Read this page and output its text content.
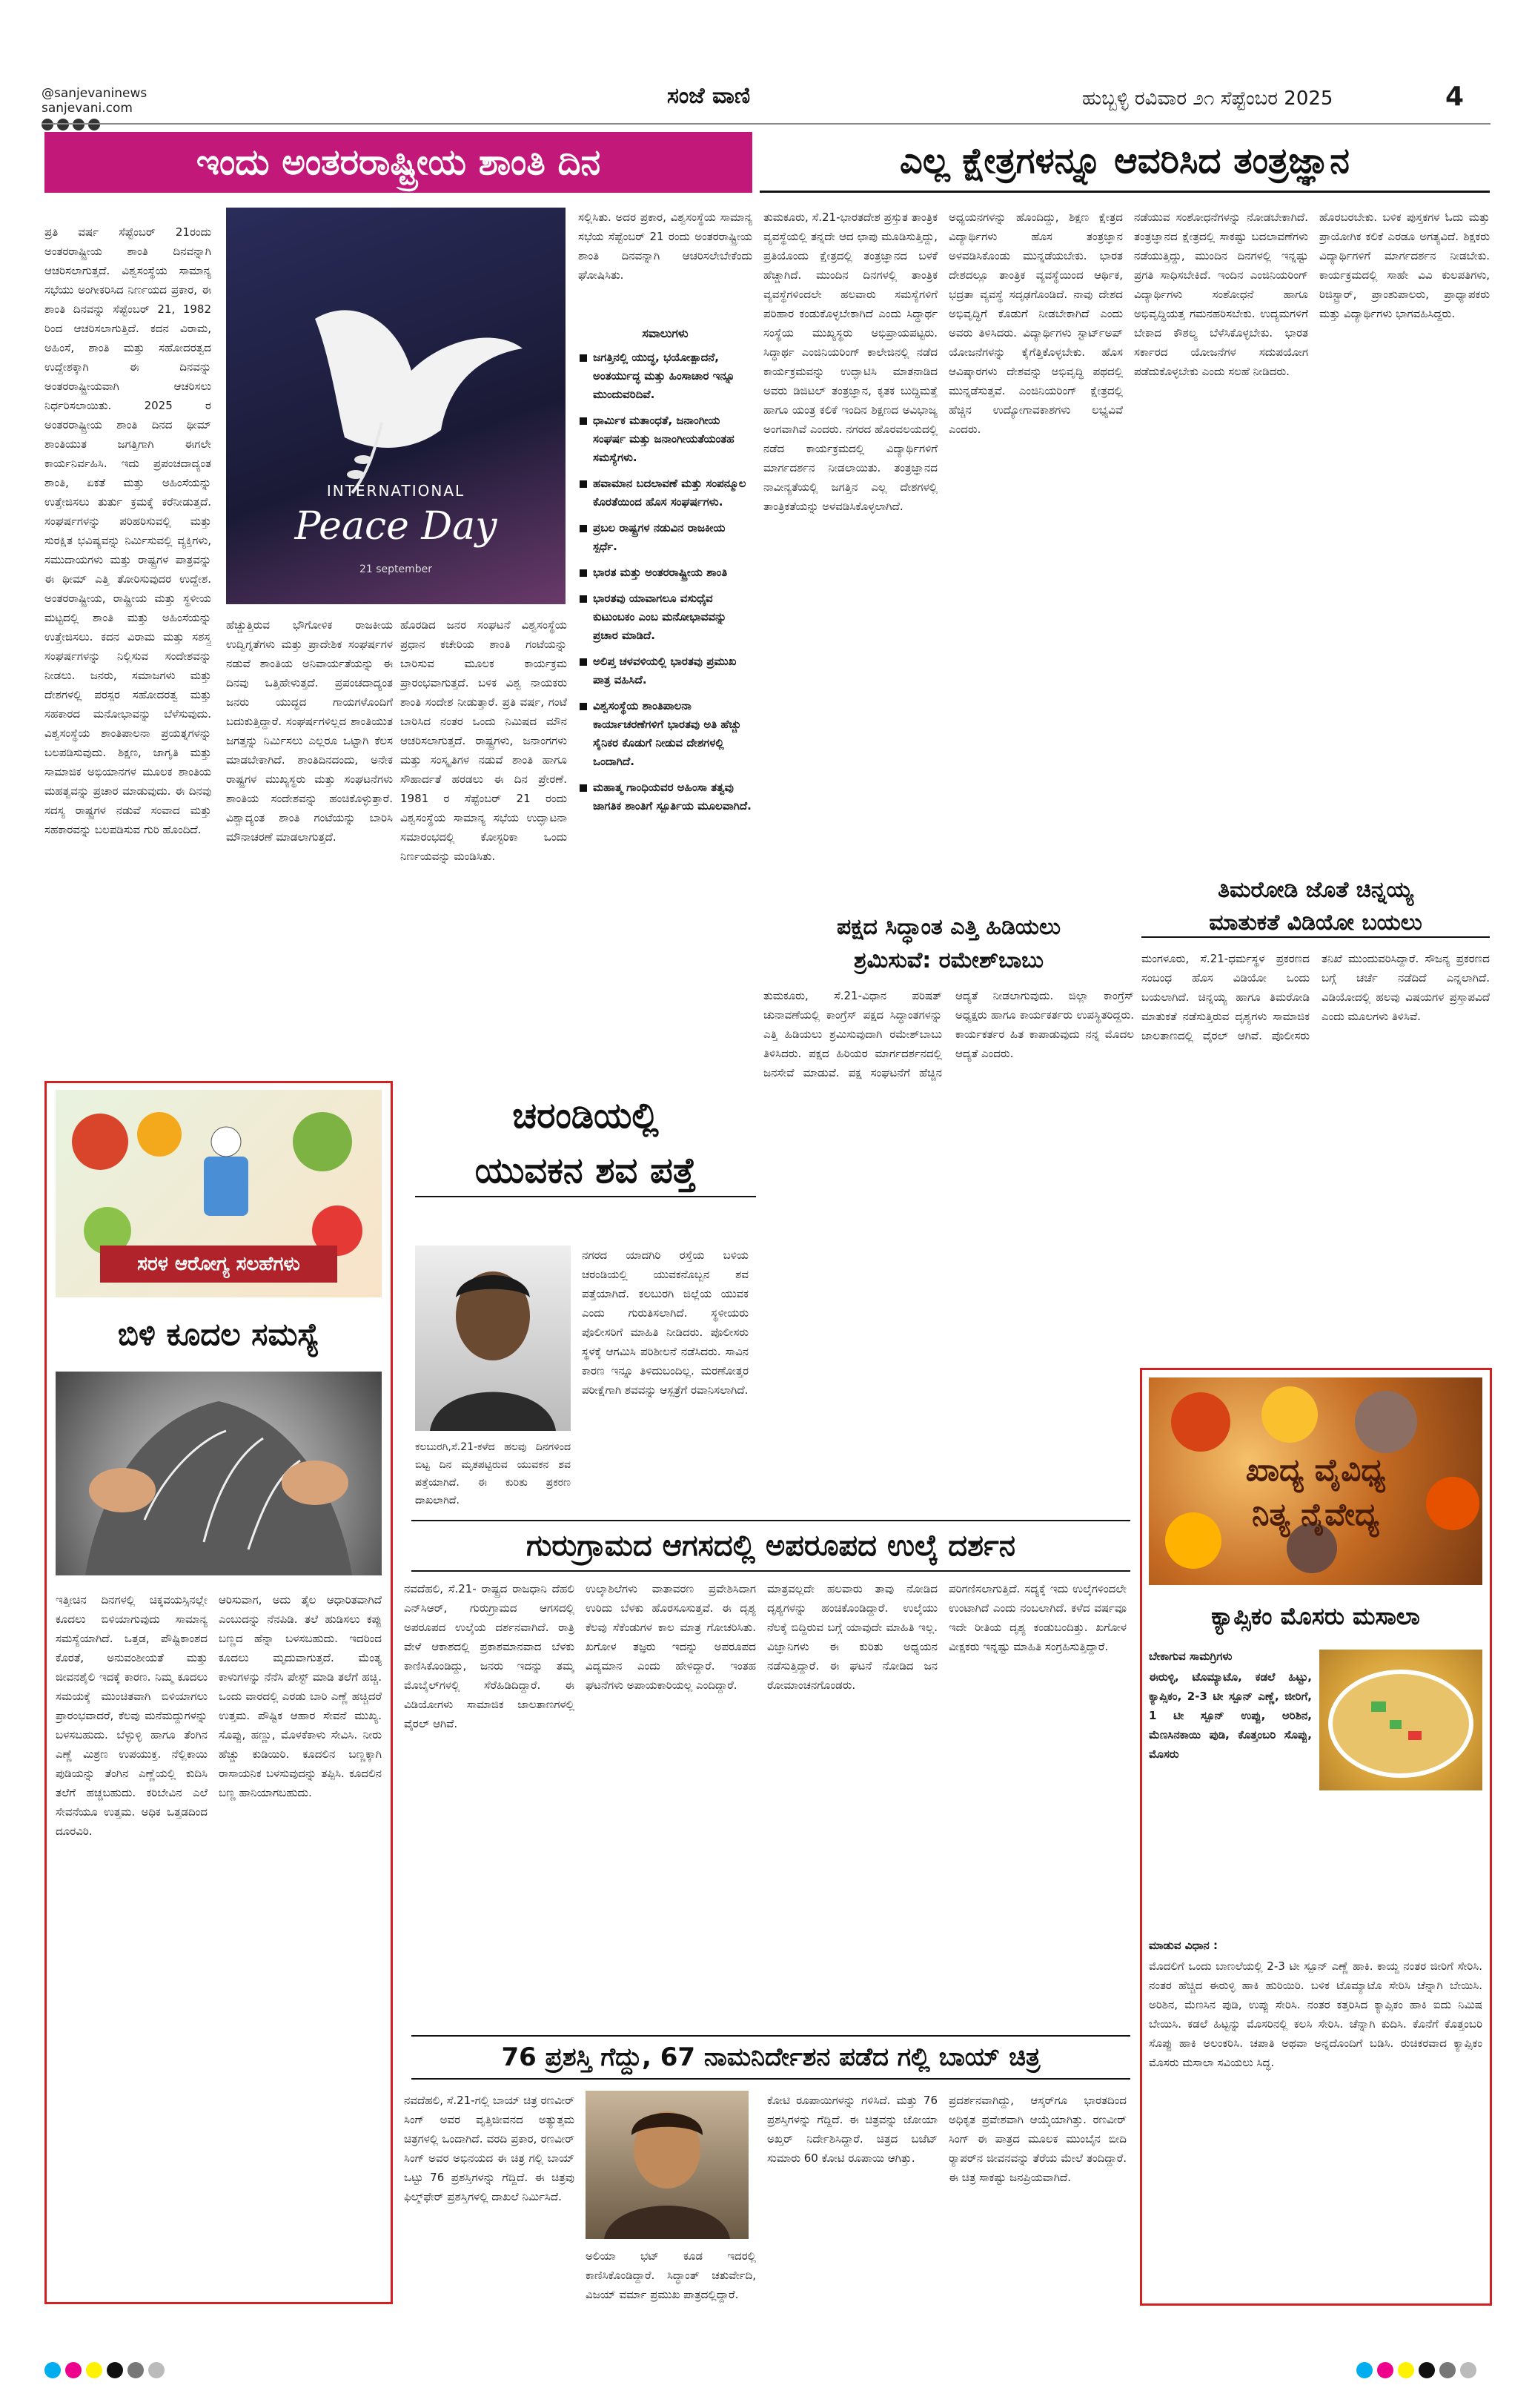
@sanjevaninews
sanjevani.com	ಸಂಜೆ ವಾಣಿ	ಹುಬ್ಬಳ್ಳಿ ರವಿವಾರ ೨೧ ಸೆಪ್ಟೆಂಬರ 2025	4
ಇಂದು ಅಂತರರಾಷ್ಟ್ರೀಯ ಶಾಂತಿ ದಿನ
ಪ್ರತಿ ವರ್ಷ ಸೆಪ್ಟೆಂಬರ್ 21ರಂದು ಅಂತರರಾಷ್ಟ್ರೀಯ ಶಾಂತಿ ದಿನವನ್ನಾಗಿ ಆಚರಿಸಲಾಗುತ್ತದೆ. ವಿಶ್ವಸಂಸ್ಥೆಯ ಸಾಮಾನ್ಯ ಸಭೆಯು ಅಂಗೀಕರಿಸಿದ ನಿರ್ಣಯದ ಪ್ರಕಾರ, ಈ ಶಾಂತಿ ದಿನವನ್ನು ಸೆಪ್ಟೆಂಬರ್ 21, 1982 ರಿಂದ ಆಚರಿಸಲಾಗುತ್ತಿದೆ. ಕದನ ವಿರಾಮ, ಅಹಿಂಸೆ, ಶಾಂತಿ ಮತ್ತು ಸಹೋದರತ್ವದ ಉದ್ದೇಶಕ್ಕಾಗಿ ಈ ದಿನವನ್ನು ಅಂತರರಾಷ್ಟ್ರೀಯವಾಗಿ ಆಚರಿಸಲು ನಿರ್ಧರಿಸಲಾಯಿತು. 2025 ರ ಅಂತರರಾಷ್ಟ್ರೀಯ ಶಾಂತಿ ದಿನದ ಥೀಮ್ ಶಾಂತಿಯುತ ಜಗತ್ತಿಗಾಗಿ ಈಗಲೇ ಕಾರ್ಯನಿರ್ವಹಿಸಿ. ಇದು ಪ್ರಪಂಚದಾದ್ಯಂತ ಶಾಂತಿ, ಏಕತೆ ಮತ್ತು ಅಹಿಂಸೆಯನ್ನು ಉತ್ತೇಜಿಸಲು ತುರ್ತು ಕ್ರಮಕ್ಕೆ ಕರೆನೀಡುತ್ತದೆ. ಸಂಘರ್ಷಗಳನ್ನು ಪರಿಹರಿಸುವಲ್ಲಿ ಮತ್ತು ಸುರಕ್ಷಿತ ಭವಿಷ್ಯವನ್ನು ನಿರ್ಮಿಸುವಲ್ಲಿ ವ್ಯಕ್ತಿಗಳು, ಸಮುದಾಯಗಳು ಮತ್ತು ರಾಷ್ಟ್ರಗಳ ಪಾತ್ರವನ್ನು ಈ ಥೀಮ್ ಎತ್ತಿ ತೋರಿಸುವುದರ ಉದ್ದೇಶ. ಅಂತರರಾಷ್ಟ್ರೀಯ, ರಾಷ್ಟ್ರೀಯ ಮತ್ತು ಸ್ಥಳೀಯ ಮಟ್ಟದಲ್ಲಿ ಶಾಂತಿ ಮತ್ತು ಅಹಿಂಸೆಯನ್ನು ಉತ್ತೇಜಿಸಲು. ಕದನ ವಿರಾಮ ಮತ್ತು ಸಶಸ್ತ್ರ ಸಂಘರ್ಷಗಳನ್ನು ನಿಲ್ಲಿಸುವ ಸಂದೇಶವನ್ನು ನೀಡಲು. ಜನರು, ಸಮಾಜಗಳು ಮತ್ತು ದೇಶಗಳಲ್ಲಿ ಪರಸ್ಪರ ಸಹೋದರತ್ವ ಮತ್ತು ಸಹಕಾರದ ಮನೋಭಾವನ್ನು ಬೆಳೆಸುವುದು. ವಿಶ್ವಸಂಸ್ಥೆಯ ಶಾಂತಿಪಾಲನಾ ಪ್ರಯತ್ನಗಳನ್ನು ಬಲಪಡಿಸುವುದು. ಶಿಕ್ಷಣ, ಜಾಗೃತಿ ಮತ್ತು ಸಾಮಾಜಿಕ ಅಭಿಯಾನಗಳ ಮೂಲಕ ಶಾಂತಿಯ ಮಹತ್ವವನ್ನು ಪ್ರಚಾರ ಮಾಡುವುದು. ಈ ದಿನವು ಸದಸ್ಯ ರಾಷ್ಟ್ರಗಳ ನಡುವೆ ಸಂವಾದ ಮತ್ತು ಸಹಕಾರವನ್ನು ಬಲಪಡಿಸುವ ಗುರಿ ಹೊಂದಿದೆ.
INTERNATIONAL
Peace Day
21 september
ಹೆಚ್ಚುತ್ತಿರುವ ಭೌಗೋಳಿಕ ರಾಜಕೀಯ ಉದ್ವಿಗ್ನತೆಗಳು ಮತ್ತು ಪ್ರಾದೇಶಿಕ ಸಂಘರ್ಷಗಳ ನಡುವೆ ಶಾಂತಿಯ ಅನಿವಾರ್ಯತೆಯನ್ನು ಈ ದಿನವು ಒತ್ತಿಹೇಳುತ್ತದೆ. ಪ್ರಪಂಚದಾದ್ಯಂತ ಜನರು ಯುದ್ಧದ ಗಾಯಗಳೊಂದಿಗೆ ಬದುಕುತ್ತಿದ್ದಾರೆ. ಸಂಘರ್ಷಗಳಿಲ್ಲದ ಶಾಂತಿಯುತ ಜಗತ್ತನ್ನು ನಿರ್ಮಿಸಲು ಎಲ್ಲರೂ ಒಟ್ಟಾಗಿ ಕೆಲಸ ಮಾಡಬೇಕಾಗಿದೆ. ಶಾಂತಿದಿನದಂದು, ಅನೇಕ ರಾಷ್ಟ್ರಗಳ ಮುಖ್ಯಸ್ಥರು ಮತ್ತು ಸಂಘಟನೆಗಳು ಶಾಂತಿಯ ಸಂದೇಶವನ್ನು ಹಂಚಿಕೊಳ್ಳುತ್ತಾರೆ. ವಿಶ್ವಾದ್ಯಂತ ಶಾಂತಿ ಗಂಟೆಯನ್ನು ಬಾರಿಸಿ ಮೌನಾಚರಣೆ ಮಾಡಲಾಗುತ್ತದೆ.
ಹೊರಡಿದ ಜನರ ಸಂಘಟನೆ ವಿಶ್ವಸಂಸ್ಥೆಯ ಪ್ರಧಾನ ಕಚೇರಿಯ ಶಾಂತಿ ಗಂಟೆಯನ್ನು ಬಾರಿಸುವ ಮೂಲಕ ಕಾರ್ಯಕ್ರಮ ಪ್ರಾರಂಭವಾಗುತ್ತದೆ. ಬಳಿಕ ವಿಶ್ವ ನಾಯಕರು ಶಾಂತಿ ಸಂದೇಶ ನೀಡುತ್ತಾರೆ. ಪ್ರತಿ ವರ್ಷ, ಗಂಟೆ ಬಾರಿಸಿದ ನಂತರ ಒಂದು ನಿಮಿಷದ ಮೌನ ಆಚರಿಸಲಾಗುತ್ತದೆ. ರಾಷ್ಟ್ರಗಳು, ಜನಾಂಗಗಳು ಮತ್ತು ಸಂಸ್ಕೃತಿಗಳ ನಡುವೆ ಶಾಂತಿ ಹಾಗೂ ಸೌಹಾರ್ದತೆ ಹರಡಲು ಈ ದಿನ ಪ್ರೇರಣೆ. 1981 ರ ಸೆಪ್ಟೆಂಬರ್ 21 ರಂದು ವಿಶ್ವಸಂಸ್ಥೆಯ ಸಾಮಾನ್ಯ ಸಭೆಯ ಉದ್ಘಾಟನಾ ಸಮಾರಂಭದಲ್ಲಿ ಕೋಸ್ಟರಿಕಾ ಒಂದು ನಿರ್ಣಯವನ್ನು ಮಂಡಿಸಿತು.
ಸಲ್ಲಿಸಿತು. ಅದರ ಪ್ರಕಾರ, ವಿಶ್ವಸಂಸ್ಥೆಯ ಸಾಮಾನ್ಯ ಸಭೆಯ ಸೆಪ್ಟೆಂಬರ್ 21 ರಂದು ಅಂತರರಾಷ್ಟ್ರೀಯ ಶಾಂತಿ ದಿನವನ್ನಾಗಿ ಆಚರಿಸಲೇಬೇಕೆಂದು ಘೋಷಿಸಿತು.
ಸವಾಲುಗಳು
ಜಗತ್ತಿನಲ್ಲಿ ಯುದ್ಧ, ಭಯೋತ್ಪಾದನೆ, ಅಂತರ್ಯುದ್ಧ ಮತ್ತು ಹಿಂಸಾಚಾರ ಇನ್ನೂ ಮುಂದುವರಿದಿವೆ.
ಧಾರ್ಮಿಕ ಮತಾಂಧತೆ, ಜನಾಂಗೀಯ ಸಂಘರ್ಷ ಮತ್ತು ಜನಾಂಗೀಯತೆಯಂತಹ ಸಮಸ್ಯೆಗಳು.
ಹವಾಮಾನ ಬದಲಾವಣೆ ಮತ್ತು ಸಂಪನ್ಮೂಲ ಕೊರತೆಯಿಂದ ಹೊಸ ಸಂಘರ್ಷಗಳು.
ಪ್ರಬಲ ರಾಷ್ಟ್ರಗಳ ನಡುವಿನ ರಾಜಕೀಯ ಸ್ಪರ್ಧೆ.
ಭಾರತ ಮತ್ತು ಅಂತರರಾಷ್ಟ್ರೀಯ ಶಾಂತಿ
ಭಾರತವು ಯಾವಾಗಲೂ ವಸುಧೈವ ಕುಟುಂಬಕಂ ಎಂಬ ಮನೋಭಾವವನ್ನು ಪ್ರಚಾರ ಮಾಡಿದೆ.
ಅಲಿಪ್ತ ಚಳವಳಿಯಲ್ಲಿ ಭಾರತವು ಪ್ರಮುಖ ಪಾತ್ರ ವಹಿಸಿದೆ.
ವಿಶ್ವಸಂಸ್ಥೆಯ ಶಾಂತಿಪಾಲನಾ ಕಾರ್ಯಾಚರಣೆಗಳಿಗೆ ಭಾರತವು ಅತಿ ಹೆಚ್ಚು ಸೈನಿಕರ ಕೊಡುಗೆ ನೀಡುವ ದೇಶಗಳಲ್ಲಿ ಒಂದಾಗಿದೆ.
ಮಹಾತ್ಮ ಗಾಂಧಿಯವರ ಅಹಿಂಸಾ ತತ್ವವು ಜಾಗತಿಕ ಶಾಂತಿಗೆ ಸ್ಪೂರ್ತಿಯ ಮೂಲವಾಗಿದೆ.
ಎಲ್ಲ ಕ್ಷೇತ್ರಗಳನ್ನೂ ಆವರಿಸಿದ ತಂತ್ರಜ್ಞಾನ
ತುಮಕೂರು, ಸೆ.21-ಭಾರತದೇಶ ಪ್ರಸ್ತುತ ತಾಂತ್ರಿಕ ವ್ಯವಸ್ಥೆಯಲ್ಲಿ ತನ್ನದೇ ಆದ ಛಾಪು ಮೂಡಿಸುತ್ತಿದ್ದು, ಪ್ರತಿಯೊಂದು ಕ್ಷೇತ್ರದಲ್ಲಿ ತಂತ್ರಜ್ಞಾನದ ಬಳಕೆ ಹೆಚ್ಚಾಗಿದೆ. ಮುಂದಿನ ದಿನಗಳಲ್ಲಿ ತಾಂತ್ರಿಕ ವ್ಯವಸ್ಥೆಗಳಿಂದಲೇ ಹಲವಾರು ಸಮಸ್ಯೆಗಳಿಗೆ ಪರಿಹಾರ ಕಂಡುಕೊಳ್ಳಬೇಕಾಗಿದೆ ಎಂದು ಸಿದ್ಧಾರ್ಥ ಸಂಸ್ಥೆಯ ಮುಖ್ಯಸ್ಥರು ಅಭಿಪ್ರಾಯಪಟ್ಟರು. ಸಿದ್ಧಾರ್ಥ ಎಂಜಿನಿಯರಿಂಗ್ ಕಾಲೇಜಿನಲ್ಲಿ ನಡೆದ ಕಾರ್ಯಕ್ರಮವನ್ನು ಉದ್ಘಾಟಿಸಿ ಮಾತನಾಡಿದ ಅವರು ಡಿಜಿಟಲ್ ತಂತ್ರಜ್ಞಾನ, ಕೃತಕ ಬುದ್ಧಿಮತ್ತೆ ಹಾಗೂ ಯಂತ್ರ ಕಲಿಕೆ ಇಂದಿನ ಶಿಕ್ಷಣದ ಅವಿಭಾಜ್ಯ ಅಂಗವಾಗಿವೆ ಎಂದರು. ನಗರದ ಹೊರವಲಯದಲ್ಲಿ ನಡೆದ ಕಾರ್ಯಕ್ರಮದಲ್ಲಿ ವಿದ್ಯಾರ್ಥಿಗಳಿಗೆ ಮಾರ್ಗದರ್ಶನ ನೀಡಲಾಯಿತು. ತಂತ್ರಜ್ಞಾನದ ನಾವೀನ್ಯತೆಯಲ್ಲಿ ಜಗತ್ತಿನ ಎಲ್ಲ ದೇಶಗಳಲ್ಲಿ ತಾಂತ್ರಿಕತೆಯನ್ನು ಅಳವಡಿಸಿಕೊಳ್ಳಲಾಗಿದೆ.
ಅಧ್ಯಯನಗಳನ್ನು ಹೊಂದಿದ್ದು, ಶಿಕ್ಷಣ ಕ್ಷೇತ್ರದ ವಿದ್ಯಾರ್ಥಿಗಳು ಹೊಸ ತಂತ್ರಜ್ಞಾನ ಅಳವಡಿಸಿಕೊಂಡು ಮುನ್ನಡೆಯಬೇಕು. ಭಾರತ ದೇಶದಲ್ಲೂ ತಾಂತ್ರಿಕ ವ್ಯವಸ್ಥೆಯಿಂದ ಆರ್ಥಿಕ, ಭದ್ರತಾ ವ್ಯವಸ್ಥೆ ಸದೃಢಗೊಂಡಿದೆ. ನಾವು ದೇಶದ ಅಭಿವೃದ್ಧಿಗೆ ಕೊಡುಗೆ ನೀಡಬೇಕಾಗಿದೆ ಎಂದು ಅವರು ತಿಳಿಸಿದರು. ವಿದ್ಯಾರ್ಥಿಗಳು ಸ್ಟಾರ್ಟ್ಅಪ್ ಯೋಜನೆಗಳನ್ನು ಕೈಗೆತ್ತಿಕೊಳ್ಳಬೇಕು. ಹೊಸ ಆವಿಷ್ಕಾರಗಳು ದೇಶವನ್ನು ಅಭಿವೃದ್ಧಿ ಪಥದಲ್ಲಿ ಮುನ್ನಡೆಸುತ್ತವೆ. ಎಂಜಿನಿಯರಿಂಗ್ ಕ್ಷೇತ್ರದಲ್ಲಿ ಹೆಚ್ಚಿನ ಉದ್ಯೋಗಾವಕಾಶಗಳು ಲಭ್ಯವಿವೆ ಎಂದರು.
ನಡೆಯುವ ಸಂಶೋಧನೆಗಳನ್ನು ನೋಡಬೇಕಾಗಿದೆ. ತಂತ್ರಜ್ಞಾನದ ಕ್ಷೇತ್ರದಲ್ಲಿ ಸಾಕಷ್ಟು ಬದಲಾವಣೆಗಳು ನಡೆಯುತ್ತಿದ್ದು, ಮುಂದಿನ ದಿನಗಳಲ್ಲಿ ಇನ್ನಷ್ಟು ಪ್ರಗತಿ ಸಾಧಿಸಬೇಕಿದೆ. ಇಂದಿನ ಎಂಜಿನಿಯರಿಂಗ್ ವಿದ್ಯಾರ್ಥಿಗಳು ಸಂಶೋಧನೆ ಹಾಗೂ ಅಭಿವೃದ್ಧಿಯತ್ತ ಗಮನಹರಿಸಬೇಕು. ಉದ್ಯಮಗಳಿಗೆ ಬೇಕಾದ ಕೌಶಲ್ಯ ಬೆಳೆಸಿಕೊಳ್ಳಬೇಕು. ಭಾರತ ಸರ್ಕಾರದ ಯೋಜನೆಗಳ ಸದುಪಯೋಗ ಪಡೆದುಕೊಳ್ಳಬೇಕು ಎಂದು ಸಲಹೆ ನೀಡಿದರು.
ಹೊರಬರಬೇಕು. ಬಳಿಕ ಪುಸ್ತಕಗಳ ಓದು ಮತ್ತು ಪ್ರಾಯೋಗಿಕ ಕಲಿಕೆ ಎರಡೂ ಅಗತ್ಯವಿದೆ. ಶಿಕ್ಷಕರು ವಿದ್ಯಾರ್ಥಿಗಳಿಗೆ ಮಾರ್ಗದರ್ಶನ ನೀಡಬೇಕು. ಕಾರ್ಯಕ್ರಮದಲ್ಲಿ ಸಾಹೇ ವಿವಿ ಕುಲಪತಿಗಳು, ರಿಜಿಸ್ಟ್ರಾರ್, ಪ್ರಾಂಶುಪಾಲರು, ಪ್ರಾಧ್ಯಾಪಕರು ಮತ್ತು ವಿದ್ಯಾರ್ಥಿಗಳು ಭಾಗವಹಿಸಿದ್ದರು.
ಪಕ್ಷದ ಸಿದ್ಧಾಂತ ಎತ್ತಿ ಹಿಡಿಯಲು
ಶ್ರಮಿಸುವೆ: ರಮೇಶ್‌ಬಾಬು
ತುಮಕೂರು, ಸೆ.21-ವಿಧಾನ ಪರಿಷತ್ ಚುನಾವಣೆಯಲ್ಲಿ ಕಾಂಗ್ರೆಸ್ ಪಕ್ಷದ ಸಿದ್ಧಾಂತಗಳನ್ನು ಎತ್ತಿ ಹಿಡಿಯಲು ಶ್ರಮಿಸುವುದಾಗಿ ರಮೇಶ್‌ಬಾಬು ತಿಳಿಸಿದರು. ಪಕ್ಷದ ಹಿರಿಯರ ಮಾರ್ಗದರ್ಶನದಲ್ಲಿ ಜನಸೇವೆ ಮಾಡುವೆ. ಪಕ್ಷ ಸಂಘಟನೆಗೆ ಹೆಚ್ಚಿನ ಆದ್ಯತೆ ನೀಡಲಾಗುವುದು. ಜಿಲ್ಲಾ ಕಾಂಗ್ರೆಸ್ ಅಧ್ಯಕ್ಷರು ಹಾಗೂ ಕಾರ್ಯಕರ್ತರು ಉಪಸ್ಥಿತರಿದ್ದರು. ಕಾರ್ಯಕರ್ತರ ಹಿತ ಕಾಪಾಡುವುದು ನನ್ನ ಮೊದಲ ಆದ್ಯತೆ ಎಂದರು.
ತಿಮರೋಡಿ ಜೊತೆ ಚಿನ್ನಯ್ಯ
ಮಾತುಕತೆ ವಿಡಿಯೋ ಬಯಲು
ಮಂಗಳೂರು, ಸೆ.21-ಧರ್ಮಸ್ಥಳ ಪ್ರಕರಣದ ಸಂಬಂಧ ಹೊಸ ವಿಡಿಯೋ ಒಂದು ಬಯಲಾಗಿದೆ. ಚಿನ್ನಯ್ಯ ಹಾಗೂ ತಿಮರೋಡಿ ಮಾತುಕತೆ ನಡೆಸುತ್ತಿರುವ ದೃಶ್ಯಗಳು ಸಾಮಾಜಿಕ ಜಾಲತಾಣದಲ್ಲಿ ವೈರಲ್ ಆಗಿವೆ. ಪೊಲೀಸರು ತನಿಖೆ ಮುಂದುವರಿಸಿದ್ದಾರೆ. ಸೌಜನ್ಯ ಪ್ರಕರಣದ ಬಗ್ಗೆ ಚರ್ಚೆ ನಡೆದಿದೆ ಎನ್ನಲಾಗಿದೆ. ವಿಡಿಯೋದಲ್ಲಿ ಹಲವು ವಿಷಯಗಳ ಪ್ರಸ್ತಾಪವಿದೆ ಎಂದು ಮೂಲಗಳು ತಿಳಿಸಿವೆ.
ಸರಳ ಆರೋಗ್ಯ ಸಲಹೆಗಳು
ಬಿಳಿ ಕೂದಲ ಸಮಸ್ಯೆ
ಇತ್ತೀಚಿನ ದಿನಗಳಲ್ಲಿ ಚಿಕ್ಕವಯಸ್ಸಿನಲ್ಲೇ ಕೂದಲು ಬಿಳಿಯಾಗುವುದು ಸಾಮಾನ್ಯ ಸಮಸ್ಯೆಯಾಗಿದೆ. ಒತ್ತಡ, ಪೌಷ್ಟಿಕಾಂಶದ ಕೊರತೆ, ಅನುವಂಶೀಯತೆ ಮತ್ತು ಜೀವನಶೈಲಿ ಇದಕ್ಕೆ ಕಾರಣ. ನಿಮ್ಮ ಕೂದಲು ಸಮಯಕ್ಕೆ ಮುಂಚಿತವಾಗಿ ಬಿಳಿಯಾಗಲು ಪ್ರಾರಂಭವಾದರೆ, ಕೆಲವು ಮನೆಮದ್ದುಗಳನ್ನು ಬಳಸಬಹುದು. ಬೆಳ್ಳುಳ್ಳಿ ಹಾಗೂ ತೆಂಗಿನ ಎಣ್ಣೆ ಮಿಶ್ರಣ ಉಪಯುಕ್ತ. ನೆಲ್ಲಿಕಾಯಿ ಪುಡಿಯನ್ನು ತೆಂಗಿನ ಎಣ್ಣೆಯಲ್ಲಿ ಕುದಿಸಿ ತಲೆಗೆ ಹಚ್ಚಬಹುದು. ಕರಿಬೇವಿನ ಎಲೆ ಸೇವನೆಯೂ ಉತ್ತಮ. ಅಧಿಕ ಒತ್ತಡದಿಂದ ದೂರವಿರಿ.
ಆರಿಸುವಾಗ, ಅದು ತೈಲ ಆಧಾರಿತವಾಗಿದೆ ಎಂಬುದನ್ನು ನೆನಪಿಡಿ. ತಲೆ ಹುಡಿಸಲು ಕಪ್ಪು ಬಣ್ಣದ ಹೆನ್ನಾ ಬಳಸಬಹುದು. ಇದರಿಂದ ಕೂದಲು ಮೃದುವಾಗುತ್ತದೆ. ಮೆಂತ್ಯ ಕಾಳುಗಳನ್ನು ನೆನೆಸಿ ಪೇಸ್ಟ್ ಮಾಡಿ ತಲೆಗೆ ಹಚ್ಚಿ. ಒಂದು ವಾರದಲ್ಲಿ ಎರಡು ಬಾರಿ ಎಣ್ಣೆ ಹಚ್ಚಿದರೆ ಉತ್ತಮ. ಪೌಷ್ಟಿಕ ಆಹಾರ ಸೇವನೆ ಮುಖ್ಯ. ಸೊಪ್ಪು, ಹಣ್ಣು, ಮೊಳಕೆಕಾಳು ಸೇವಿಸಿ. ನೀರು ಹೆಚ್ಚು ಕುಡಿಯಿರಿ. ಕೂದಲಿನ ಬಣ್ಣಕ್ಕಾಗಿ ರಾಸಾಯನಿಕ ಬಳಸುವುದನ್ನು ತಪ್ಪಿಸಿ. ಕೂದಲಿನ ಬಣ್ಣ ಹಾನಿಯಾಗಬಹುದು.
ಚರಂಡಿಯಲ್ಲಿ
ಯುವಕನ ಶವ ಪತ್ತೆ
ಕಲಬುರಗಿ,ಸೆ.21-ಕಳೆದ ಹಲವು ದಿನಗಳಿಂದ ಬಿಟ್ಟ ದಿನ ಮೃತಪಟ್ಟಿರುವ ಯುವಕನ ಶವ ಪತ್ತೆಯಾಗಿದೆ. ಈ ಕುರಿತು ಪ್ರಕರಣ ದಾಖಲಾಗಿದೆ.
ನಗರದ ಯಾದಗಿರಿ ರಸ್ತೆಯ ಬಳಿಯ ಚರಂಡಿಯಲ್ಲಿ ಯುವಕನೊಬ್ಬನ ಶವ ಪತ್ತೆಯಾಗಿದೆ. ಕಲಬುರಗಿ ಜಿಲ್ಲೆಯ ಯುವಕ ಎಂದು ಗುರುತಿಸಲಾಗಿದೆ. ಸ್ಥಳೀಯರು ಪೊಲೀಸರಿಗೆ ಮಾಹಿತಿ ನೀಡಿದರು. ಪೊಲೀಸರು ಸ್ಥಳಕ್ಕೆ ಆಗಮಿಸಿ ಪರಿಶೀಲನೆ ನಡೆಸಿದರು. ಸಾವಿನ ಕಾರಣ ಇನ್ನೂ ತಿಳಿದುಬಂದಿಲ್ಲ. ಮರಣೋತ್ತರ ಪರೀಕ್ಷೆಗಾಗಿ ಶವವನ್ನು ಆಸ್ಪತ್ರೆಗೆ ರವಾನಿಸಲಾಗಿದೆ.
ಗುರುಗ್ರಾಮದ ಆಗಸದಲ್ಲಿ ಅಪರೂಪದ ಉಲ್ಕೆ ದರ್ಶನ
ನವದೆಹಲಿ, ಸೆ.21- ರಾಷ್ಟ್ರದ ರಾಜಧಾನಿ ದೆಹಲಿ ಎನ್‌ಸಿಆರ್, ಗುರುಗ್ರಾಮದ ಆಗಸದಲ್ಲಿ ಅಪರೂಪದ ಉಲ್ಕೆಯ ದರ್ಶನವಾಗಿದೆ. ರಾತ್ರಿ ವೇಳೆ ಆಕಾಶದಲ್ಲಿ ಪ್ರಕಾಶಮಾನವಾದ ಬೆಳಕು ಕಾಣಿಸಿಕೊಂಡಿದ್ದು, ಜನರು ಇದನ್ನು ತಮ್ಮ ಮೊಬೈಲ್‌ಗಳಲ್ಲಿ ಸೆರೆಹಿಡಿದಿದ್ದಾರೆ. ಈ ವಿಡಿಯೋಗಳು ಸಾಮಾಜಿಕ ಜಾಲತಾಣಗಳಲ್ಲಿ ವೈರಲ್ ಆಗಿವೆ.
ಉಲ್ಕಾಶಿಲೆಗಳು ವಾತಾವರಣ ಪ್ರವೇಶಿಸಿದಾಗ ಉರಿದು ಬೆಳಕು ಹೊರಸೂಸುತ್ತವೆ. ಈ ದೃಶ್ಯ ಕೆಲವು ಸೆಕೆಂಡುಗಳ ಕಾಲ ಮಾತ್ರ ಗೋಚರಿಸಿತು. ಖಗೋಳ ತಜ್ಞರು ಇದನ್ನು ಅಪರೂಪದ ವಿದ್ಯಮಾನ ಎಂದು ಹೇಳಿದ್ದಾರೆ. ಇಂತಹ ಘಟನೆಗಳು ಅಪಾಯಕಾರಿಯಲ್ಲ ಎಂದಿದ್ದಾರೆ.
ಮಾತ್ರವಲ್ಲದೇ ಹಲವಾರು ತಾವು ನೋಡಿದ ದೃಶ್ಯಗಳನ್ನು ಹಂಚಿಕೊಂಡಿದ್ದಾರೆ. ಉಲ್ಕೆಯು ನೆಲಕ್ಕೆ ಬಿದ್ದಿರುವ ಬಗ್ಗೆ ಯಾವುದೇ ಮಾಹಿತಿ ಇಲ್ಲ. ವಿಜ್ಞಾನಿಗಳು ಈ ಕುರಿತು ಅಧ್ಯಯನ ನಡೆಸುತ್ತಿದ್ದಾರೆ. ಈ ಘಟನೆ ನೋಡಿದ ಜನ ರೋಮಾಂಚನಗೊಂಡರು.
ಪರಿಗಣಿಸಲಾಗುತ್ತಿದೆ. ಸದ್ಯಕ್ಕೆ ಇದು ಉಲ್ಕೆಗಳಿಂದಲೇ ಉಂಟಾಗಿದೆ ಎಂದು ನಂಬಲಾಗಿದೆ. ಕಳೆದ ವರ್ಷವೂ ಇದೇ ರೀತಿಯ ದೃಶ್ಯ ಕಂಡುಬಂದಿತ್ತು. ಖಗೋಳ ವೀಕ್ಷಕರು ಇನ್ನಷ್ಟು ಮಾಹಿತಿ ಸಂಗ್ರಹಿಸುತ್ತಿದ್ದಾರೆ.
ಖಾದ್ಯ ವೈವಿಧ್ಯ
ನಿತ್ಯ ನೈವೇದ್ಯ
ಕ್ಯಾಪ್ಸಿಕಂ ಮೊಸರು ಮಸಾಲಾ
ಬೇಕಾಗುವ ಸಾಮಗ್ರಿಗಳು
ಈರುಳ್ಳಿ, ಟೊಮ್ಯಾಟೊ, ಕಡಲೆ ಹಿಟ್ಟು, ಕ್ಯಾಪ್ಸಿಕಂ, 2-3 ಟೀ ಸ್ಪೂನ್ ಎಣ್ಣೆ, ಜೀರಿಗೆ, 1 ಟೀ ಸ್ಪೂನ್ ಉಪ್ಪು, ಅರಿಶಿನ, ಮೆಣಸಿನಕಾಯಿ ಪುಡಿ, ಕೊತ್ತಂಬರಿ ಸೊಪ್ಪು, ಮೊಸರು
ಮಾಡುವ ವಿಧಾನ :
ಮೊದಲಿಗೆ ಒಂದು ಬಾಣಲೆಯಲ್ಲಿ 2-3 ಟೀ ಸ್ಪೂನ್ ಎಣ್ಣೆ ಹಾಕಿ. ಕಾಯ್ದ ನಂತರ ಜೀರಿಗೆ ಸೇರಿಸಿ. ನಂತರ ಹೆಚ್ಚಿದ ಈರುಳ್ಳಿ ಹಾಕಿ ಹುರಿಯಿರಿ. ಬಳಿಕ ಟೊಮ್ಯಾಟೊ ಸೇರಿಸಿ ಚೆನ್ನಾಗಿ ಬೇಯಿಸಿ. ಅರಿಶಿನ, ಮೆಣಸಿನ ಪುಡಿ, ಉಪ್ಪು ಸೇರಿಸಿ. ನಂತರ ಕತ್ತರಿಸಿದ ಕ್ಯಾಪ್ಸಿಕಂ ಹಾಕಿ ಐದು ನಿಮಿಷ ಬೇಯಿಸಿ. ಕಡಲೆ ಹಿಟ್ಟನ್ನು ಮೊಸರಿನಲ್ಲಿ ಕಲಸಿ ಸೇರಿಸಿ. ಚೆನ್ನಾಗಿ ಕುದಿಸಿ. ಕೊನೆಗೆ ಕೊತ್ತಂಬರಿ ಸೊಪ್ಪು ಹಾಕಿ ಅಲಂಕರಿಸಿ. ಚಪಾತಿ ಅಥವಾ ಅನ್ನದೊಂದಿಗೆ ಬಡಿಸಿ. ರುಚಿಕರವಾದ ಕ್ಯಾಪ್ಸಿಕಂ ಮೊಸರು ಮಸಾಲಾ ಸವಿಯಲು ಸಿದ್ಧ.
76 ಪ್ರಶಸ್ತಿ ಗೆದ್ದು, 67 ನಾಮನಿರ್ದೇಶನ ಪಡೆದ ಗಲ್ಲಿ ಬಾಯ್ ಚಿತ್ರ
ನವದೆಹಲಿ, ಸೆ.21-ಗಲ್ಲಿ ಬಾಯ್ ಚಿತ್ರ ರಣವೀರ್ ಸಿಂಗ್ ಅವರ ವೃತ್ತಿಜೀವನದ ಅತ್ಯುತ್ತಮ ಚಿತ್ರಗಳಲ್ಲಿ ಒಂದಾಗಿದೆ. ವರದಿ ಪ್ರಕಾರ, ರಣವೀರ್ ಸಿಂಗ್ ಅವರ ಅಭಿನಯದ ಈ ಚಿತ್ರ ಗಲ್ಲಿ ಬಾಯ್ ಒಟ್ಟು 76 ಪ್ರಶಸ್ತಿಗಳನ್ನು ಗೆದ್ದಿದೆ. ಈ ಚಿತ್ರವು ಫಿಲ್ಮ್‌ಫೇರ್ ಪ್ರಶಸ್ತಿಗಳಲ್ಲಿ ದಾಖಲೆ ನಿರ್ಮಿಸಿದೆ.
ಅಲಿಯಾ ಭಟ್ ಕೂಡ ಇದರಲ್ಲಿ ಕಾಣಿಸಿಕೊಂಡಿದ್ದಾರೆ. ಸಿದ್ಧಾಂತ್ ಚತುರ್ವೇದಿ, ವಿಜಯ್ ವರ್ಮಾ ಪ್ರಮುಖ ಪಾತ್ರದಲ್ಲಿದ್ದಾರೆ.
ಕೋಟಿ ರೂಪಾಯಿಗಳನ್ನು ಗಳಿಸಿದೆ. ಮತ್ತು 76 ಪ್ರಶಸ್ತಿಗಳನ್ನು ಗೆದ್ದಿದೆ. ಈ ಚಿತ್ರವನ್ನು ಜೋಯಾ ಅಖ್ತರ್ ನಿರ್ದೇಶಿಸಿದ್ದಾರೆ. ಚಿತ್ರದ ಬಜೆಟ್ ಸುಮಾರು 60 ಕೋಟಿ ರೂಪಾಯಿ ಆಗಿತ್ತು.
ಪ್ರದರ್ಶನವಾಗಿದ್ದು, ಆಸ್ಕರ್‌ಗೂ ಭಾರತದಿಂದ ಅಧಿಕೃತ ಪ್ರವೇಶವಾಗಿ ಆಯ್ಕೆಯಾಗಿತ್ತು. ರಣವೀರ್ ಸಿಂಗ್ ಈ ಪಾತ್ರದ ಮೂಲಕ ಮುಂಬೈನ ಬೀದಿ ರ‍್ಯಾಪರ್‌ನ ಜೀವನವನ್ನು ತೆರೆಯ ಮೇಲೆ ತಂದಿದ್ದಾರೆ. ಈ ಚಿತ್ರ ಸಾಕಷ್ಟು ಜನಪ್ರಿಯವಾಗಿದೆ.
